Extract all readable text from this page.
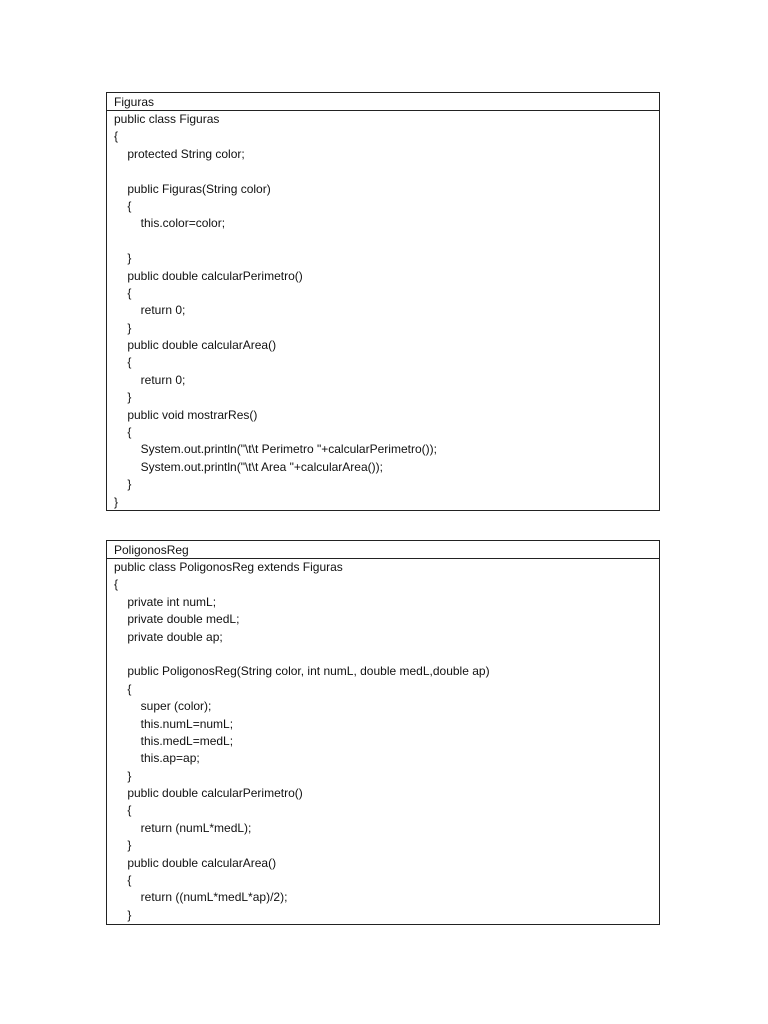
Figuras
public class Figuras
{
protected String color;
public Figuras(String color)
{
this.color=color;
}
public double calcularPerimetro()
{
return 0;
}
public double calcularArea()
{
return 0;
}
public void mostrarRes()
{
System.out.println("\t\t Perimetro "+calcularPerimetro());
System.out.println("\t\t Area "+calcularArea());
}
}
PoligonosReg
public class PoligonosReg extends Figuras
{
private int numL;
private double medL;
private double ap;
public PoligonosReg(String color, int numL, double medL,double ap)
{
super (color);
this.numL=numL;
this.medL=medL;
this.ap=ap;
}
public double calcularPerimetro()
{
return (numL*medL);
}
public double calcularArea()
{
return ((numL*medL*ap)/2);
}
